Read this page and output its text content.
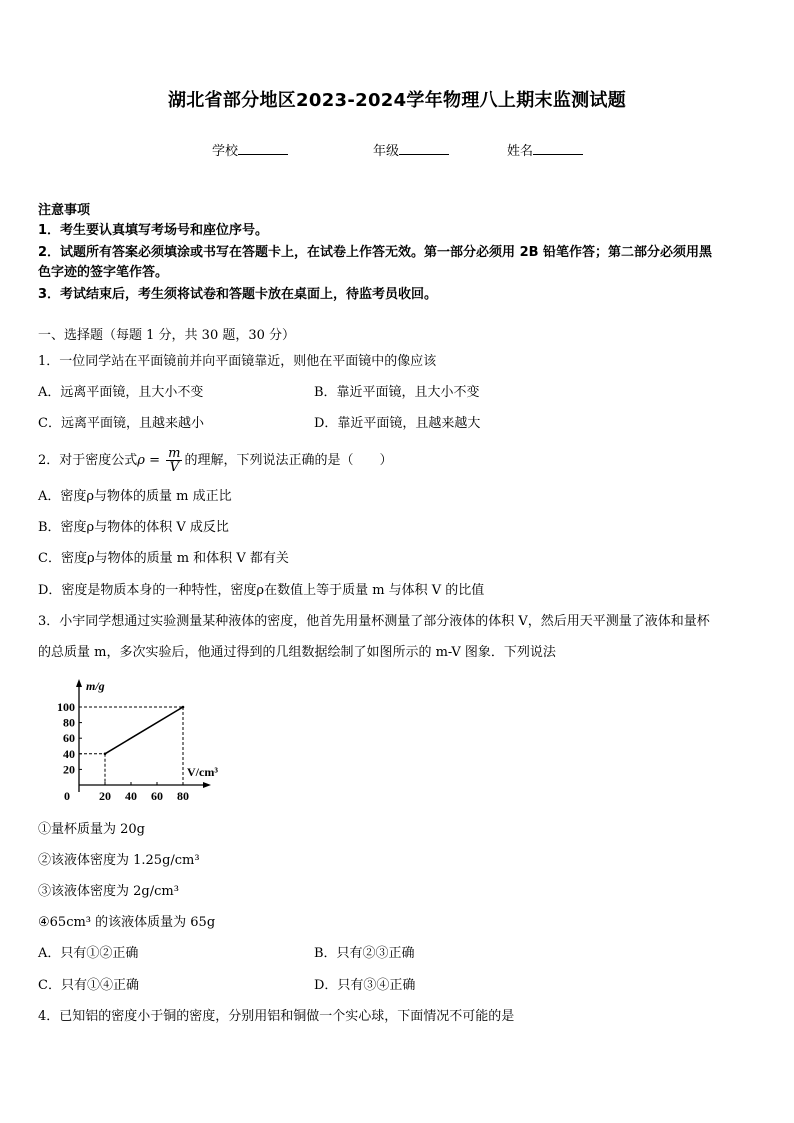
湖北省部分地区2023-2024学年物理八上期末监测试题
学校	年级	姓名
注意事项
1．考生要认真填写考场号和座位序号。
2．试题所有答案必须填涂或书写在答题卡上，在试卷上作答无效。第一部分必须用 2B 铅笔作答；第二部分必须用黑
色字迹的签字笔作答。
3．考试结束后，考生须将试卷和答题卡放在桌面上，待监考员收回。
一、选择题（每题 1 分，共 30 题，30 分）
1．一位同学站在平面镜前并向平面镜靠近，则他在平面镜中的像应该
A．远离平面镜，且大小不变	B．靠近平面镜，且大小不变
C．远离平面镜，且越来越小	D．靠近平面镜，且越来越大
2．对于密度公式$\rho = \frac{m}{V}$ 的理解，下列说法正确的是（　　）
A．密度ρ与物体的质量 m 成正比
B．密度ρ与物体的体积 V 成反比
C．密度ρ与物体的质量 m 和体积 V 都有关
D．密度是物质本身的一种特性，密度ρ在数值上等于质量 m 与体积 V 的比值
3．小宇同学想通过实验测量某种液体的密度，他首先用量杯测量了部分液体的体积 V，然后用天平测量了液体和量杯
的总质量 m，多次实验后，他通过得到的几组数据绘制了如图所示的 m-V 图象．下列说法
m/g
V/cm³
0
20
40
60
80
100
20 40 60 80
①量杯质量为 20g
②该液体密度为 1.25g/cm³
③该液体密度为 2g/cm³
④65cm³ 的该液体质量为 65g
A．只有①②正确	B．只有②③正确
C．只有①④正确	D．只有③④正确
4．已知铝的密度小于铜的密度，分别用铝和铜做一个实心球，下面情况不可能的是
